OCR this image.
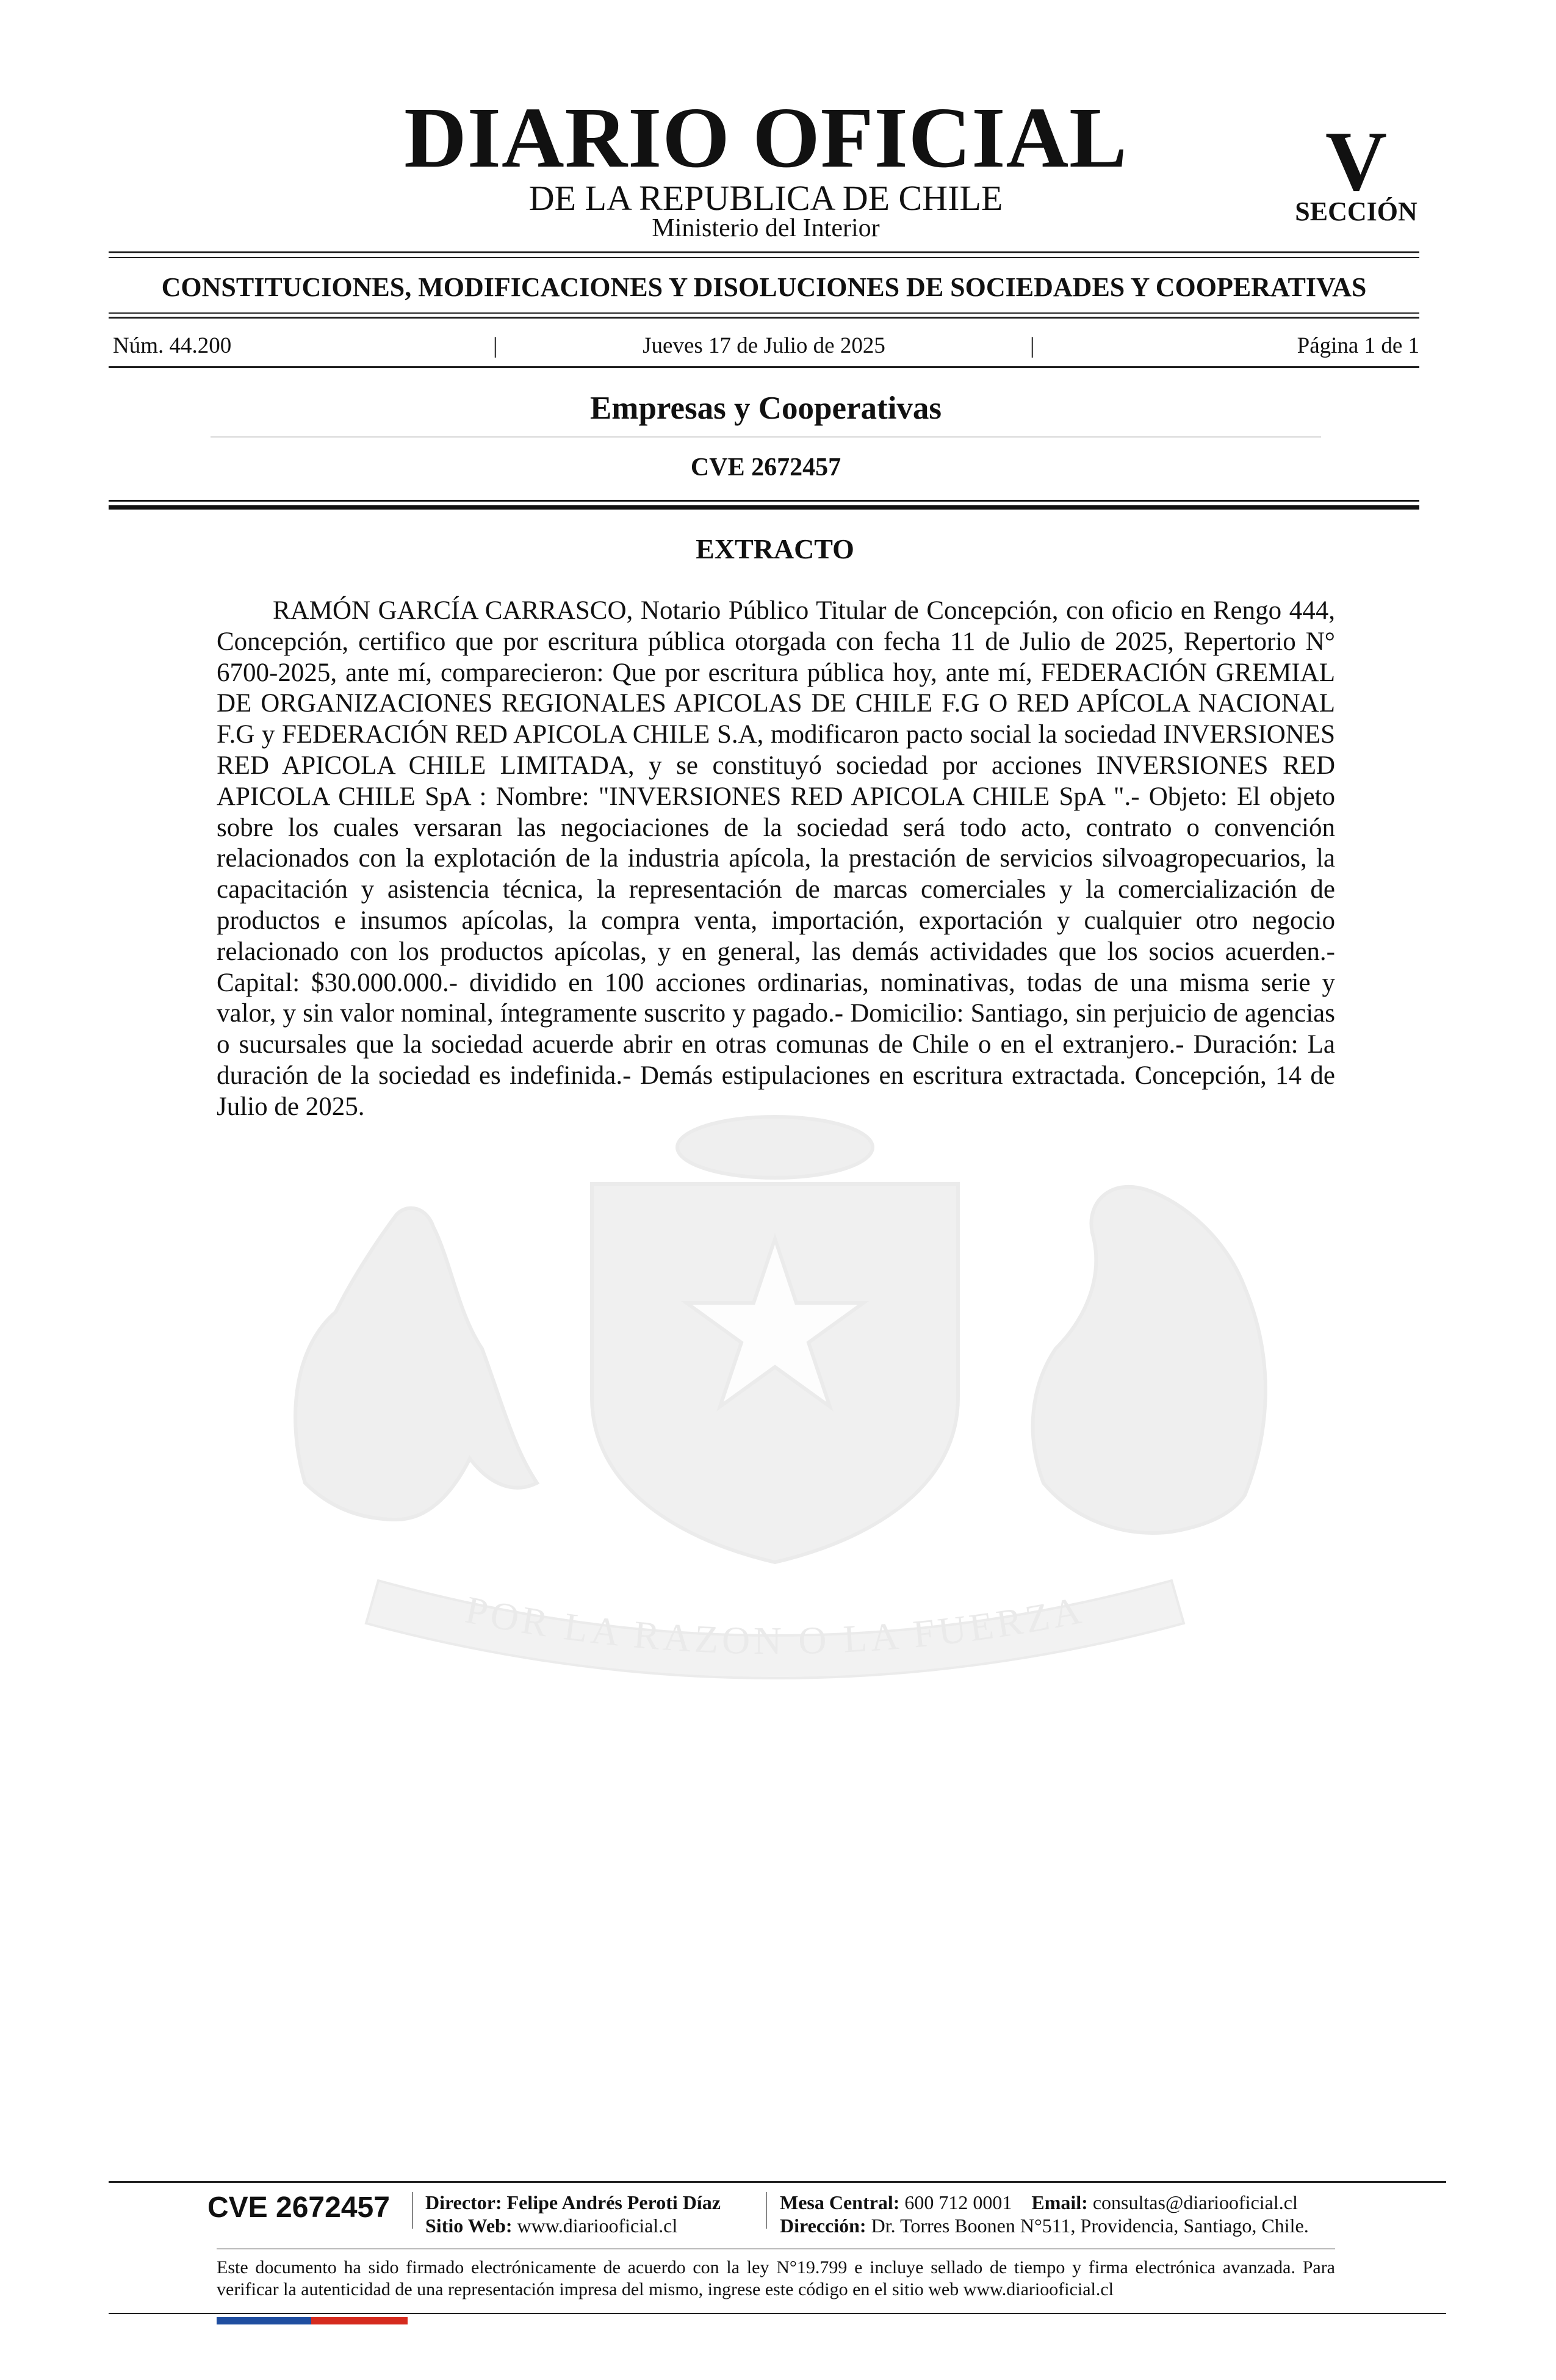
DIARIO OFICIAL
DE LA REPUBLICA DE CHILE
Ministerio del Interior
V
SECCIÓN
CONSTITUCIONES, MODIFICACIONES Y DISOLUCIONES DE SOCIEDADES Y COOPERATIVAS
Núm. 44.200	|	Jueves 17 de Julio de 2025	|	Página 1 de 1
Empresas y Cooperativas
CVE 2672457
POR LA RAZON O LA FUERZA
EXTRACTO
RAMÓN GARCÍA CARRASCO, Notario Público Titular de Concepción, con oficio en Rengo 444, Concepción, certifico que por escritura pública otorgada con fecha 11 de Julio de 2025, Repertorio N° 6700-2025, ante mí, comparecieron: Que por escritura pública hoy, ante mí, FEDERACIÓN GREMIAL DE ORGANIZACIONES REGIONALES APICOLAS DE CHILE F.G O RED APÍCOLA NACIONAL F.G y FEDERACIÓN RED APICOLA CHILE S.A, modificaron pacto social la sociedad INVERSIONES RED APICOLA CHILE LIMITADA, y se constituyó sociedad por acciones INVERSIONES RED APICOLA CHILE SpA : Nombre: "INVERSIONES RED APICOLA CHILE SpA ".- Objeto: El objeto sobre los cuales versaran las negociaciones de la sociedad será todo acto, contrato o convención relacionados con la explotación de la industria apícola, la prestación de servicios silvoagropecuarios, la capacitación y asistencia técnica, la representación de marcas comerciales y la comercialización de productos e insumos apícolas, la compra venta, importación, exportación y cualquier otro negocio relacionado con los productos apícolas, y en general, las demás actividades que los socios acuerden.- Capital: $30.000.000.- dividido en 100 acciones ordinarias, nominativas, todas de una misma serie y valor, y sin valor nominal, íntegramente suscrito y pagado.- Domicilio: Santiago, sin perjuicio de agencias o sucursales que la sociedad acuerde abrir en otras comunas de Chile o en el extranjero.- Duración: La duración de la sociedad es indefinida.- Demás estipulaciones en escritura extractada. Concepción, 14 de Julio de 2025.
CVE 2672457 Director: Felipe Andrés Peroti Díaz
Sitio Web: www.diariooficial.cl
Mesa Central: 600 712 0001 Email: consultas@diariooficial.cl
Dirección: Dr. Torres Boonen N°511, Providencia, Santiago, Chile.
Este documento ha sido firmado electrónicamente de acuerdo con la ley N°19.799 e incluye sellado de tiempo y firma electrónica avanzada. Para verificar la autenticidad de una representación impresa del mismo, ingrese este código en el sitio web www.diariooficial.cl
